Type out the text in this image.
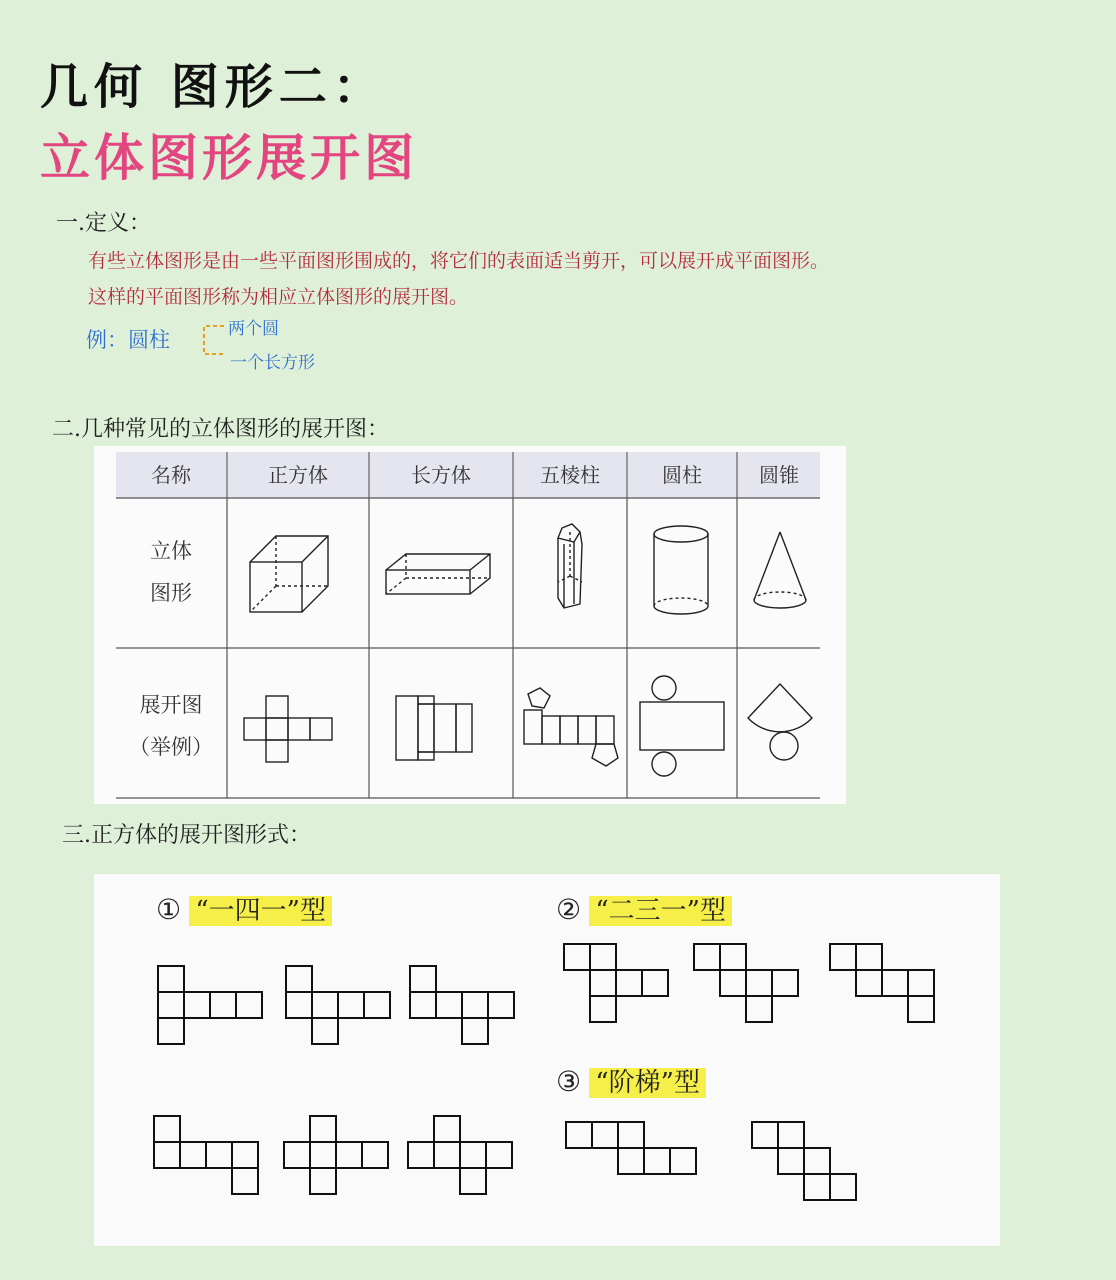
几何 图形二：
立体图形展开图
一.定义：
有些立体图形是由一些平面图形围成的，将它们的表面适当剪开，可以展开成平面图形。
这样的平面图形称为相应立体图形的展开图。
例：圆柱	两个圆
一个长方形
二.几种常见的立体图形的展开图：
名称	正方体	长方体	五棱柱	圆柱	圆锥
立体
图形
展开图
（举例）
三.正方体的展开图形式：
① “一四一”型	② “二三一”型
③ “阶梯”型
